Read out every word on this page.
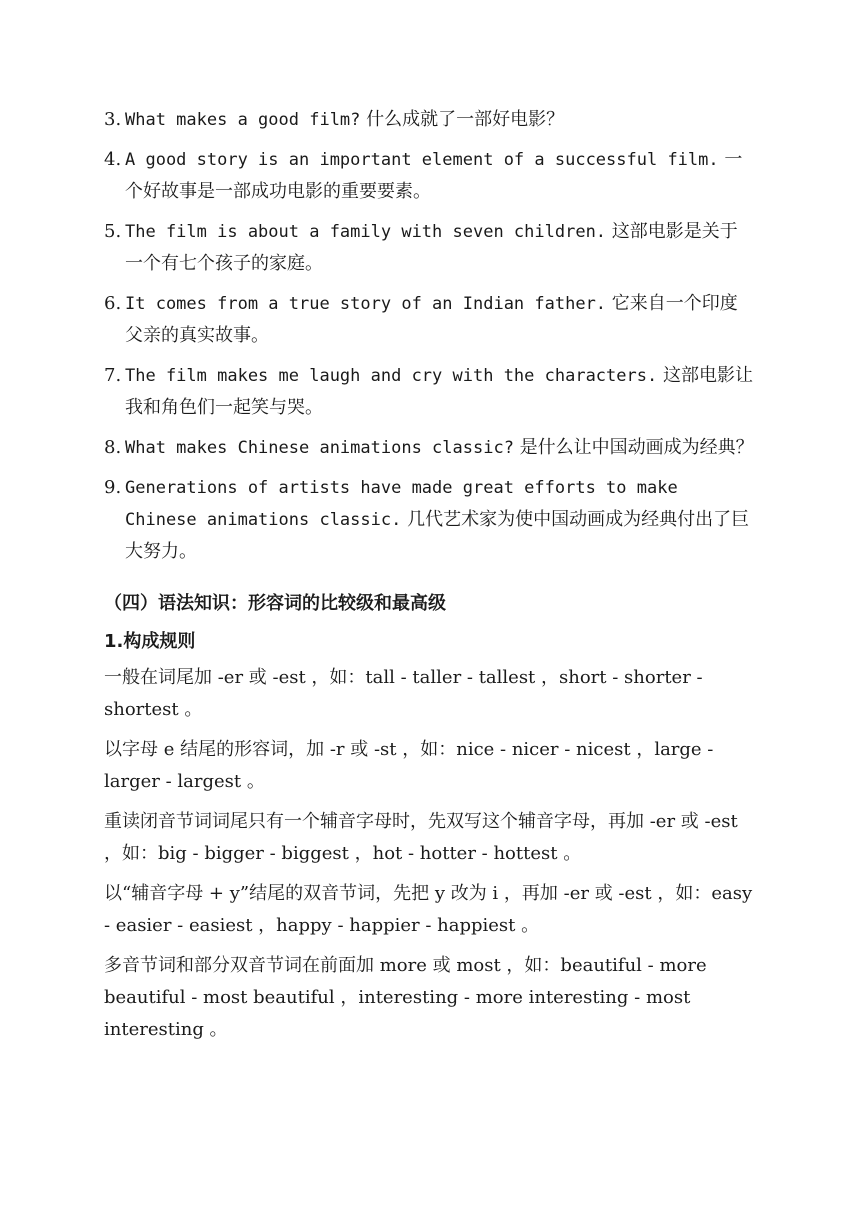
3. What makes a good film? 什么成就了一部好电影？
4. A good story is an important element of a successful film. 一个好故事是一部成功电影的重要要素。
5. The film is about a family with seven children. 这部电影是关于一个有七个孩子的家庭。
6. It comes from a true story of an Indian father. 它来自一个印度父亲的真实故事。
7. The film makes me laugh and cry with the characters. 这部电影让我和角色们一起笑与哭。
8. What makes Chinese animations classic? 是什么让中国动画成为经典？
9. Generations of artists have made great efforts to make Chinese animations classic. 几代艺术家为使中国动画成为经典付出了巨大努力。
（四）语法知识：形容词的比较级和最高级
1.构成规则

一般在词尾加 -er 或 -est ，如：tall - taller - tallest ，short - shorter - shortest 。

以字母 e 结尾的形容词，加 -r 或 -st ，如：nice - nicer - nicest ，large - larger - largest 。

重读闭音节词词尾只有一个辅音字母时，先双写这个辅音字母，再加 -er 或 -est ，如：big - bigger - biggest ，hot - hotter - hottest 。

以“辅音字母 + y”结尾的双音节词，先把 y 改为 i ，再加 -er 或 -est ，如：easy - easier - easiest ，happy - happier - happiest 。

多音节词和部分双音节词在前面加 more 或 most ，如：beautiful - more beautiful - most beautiful ，interesting - more interesting - most interesting 。
